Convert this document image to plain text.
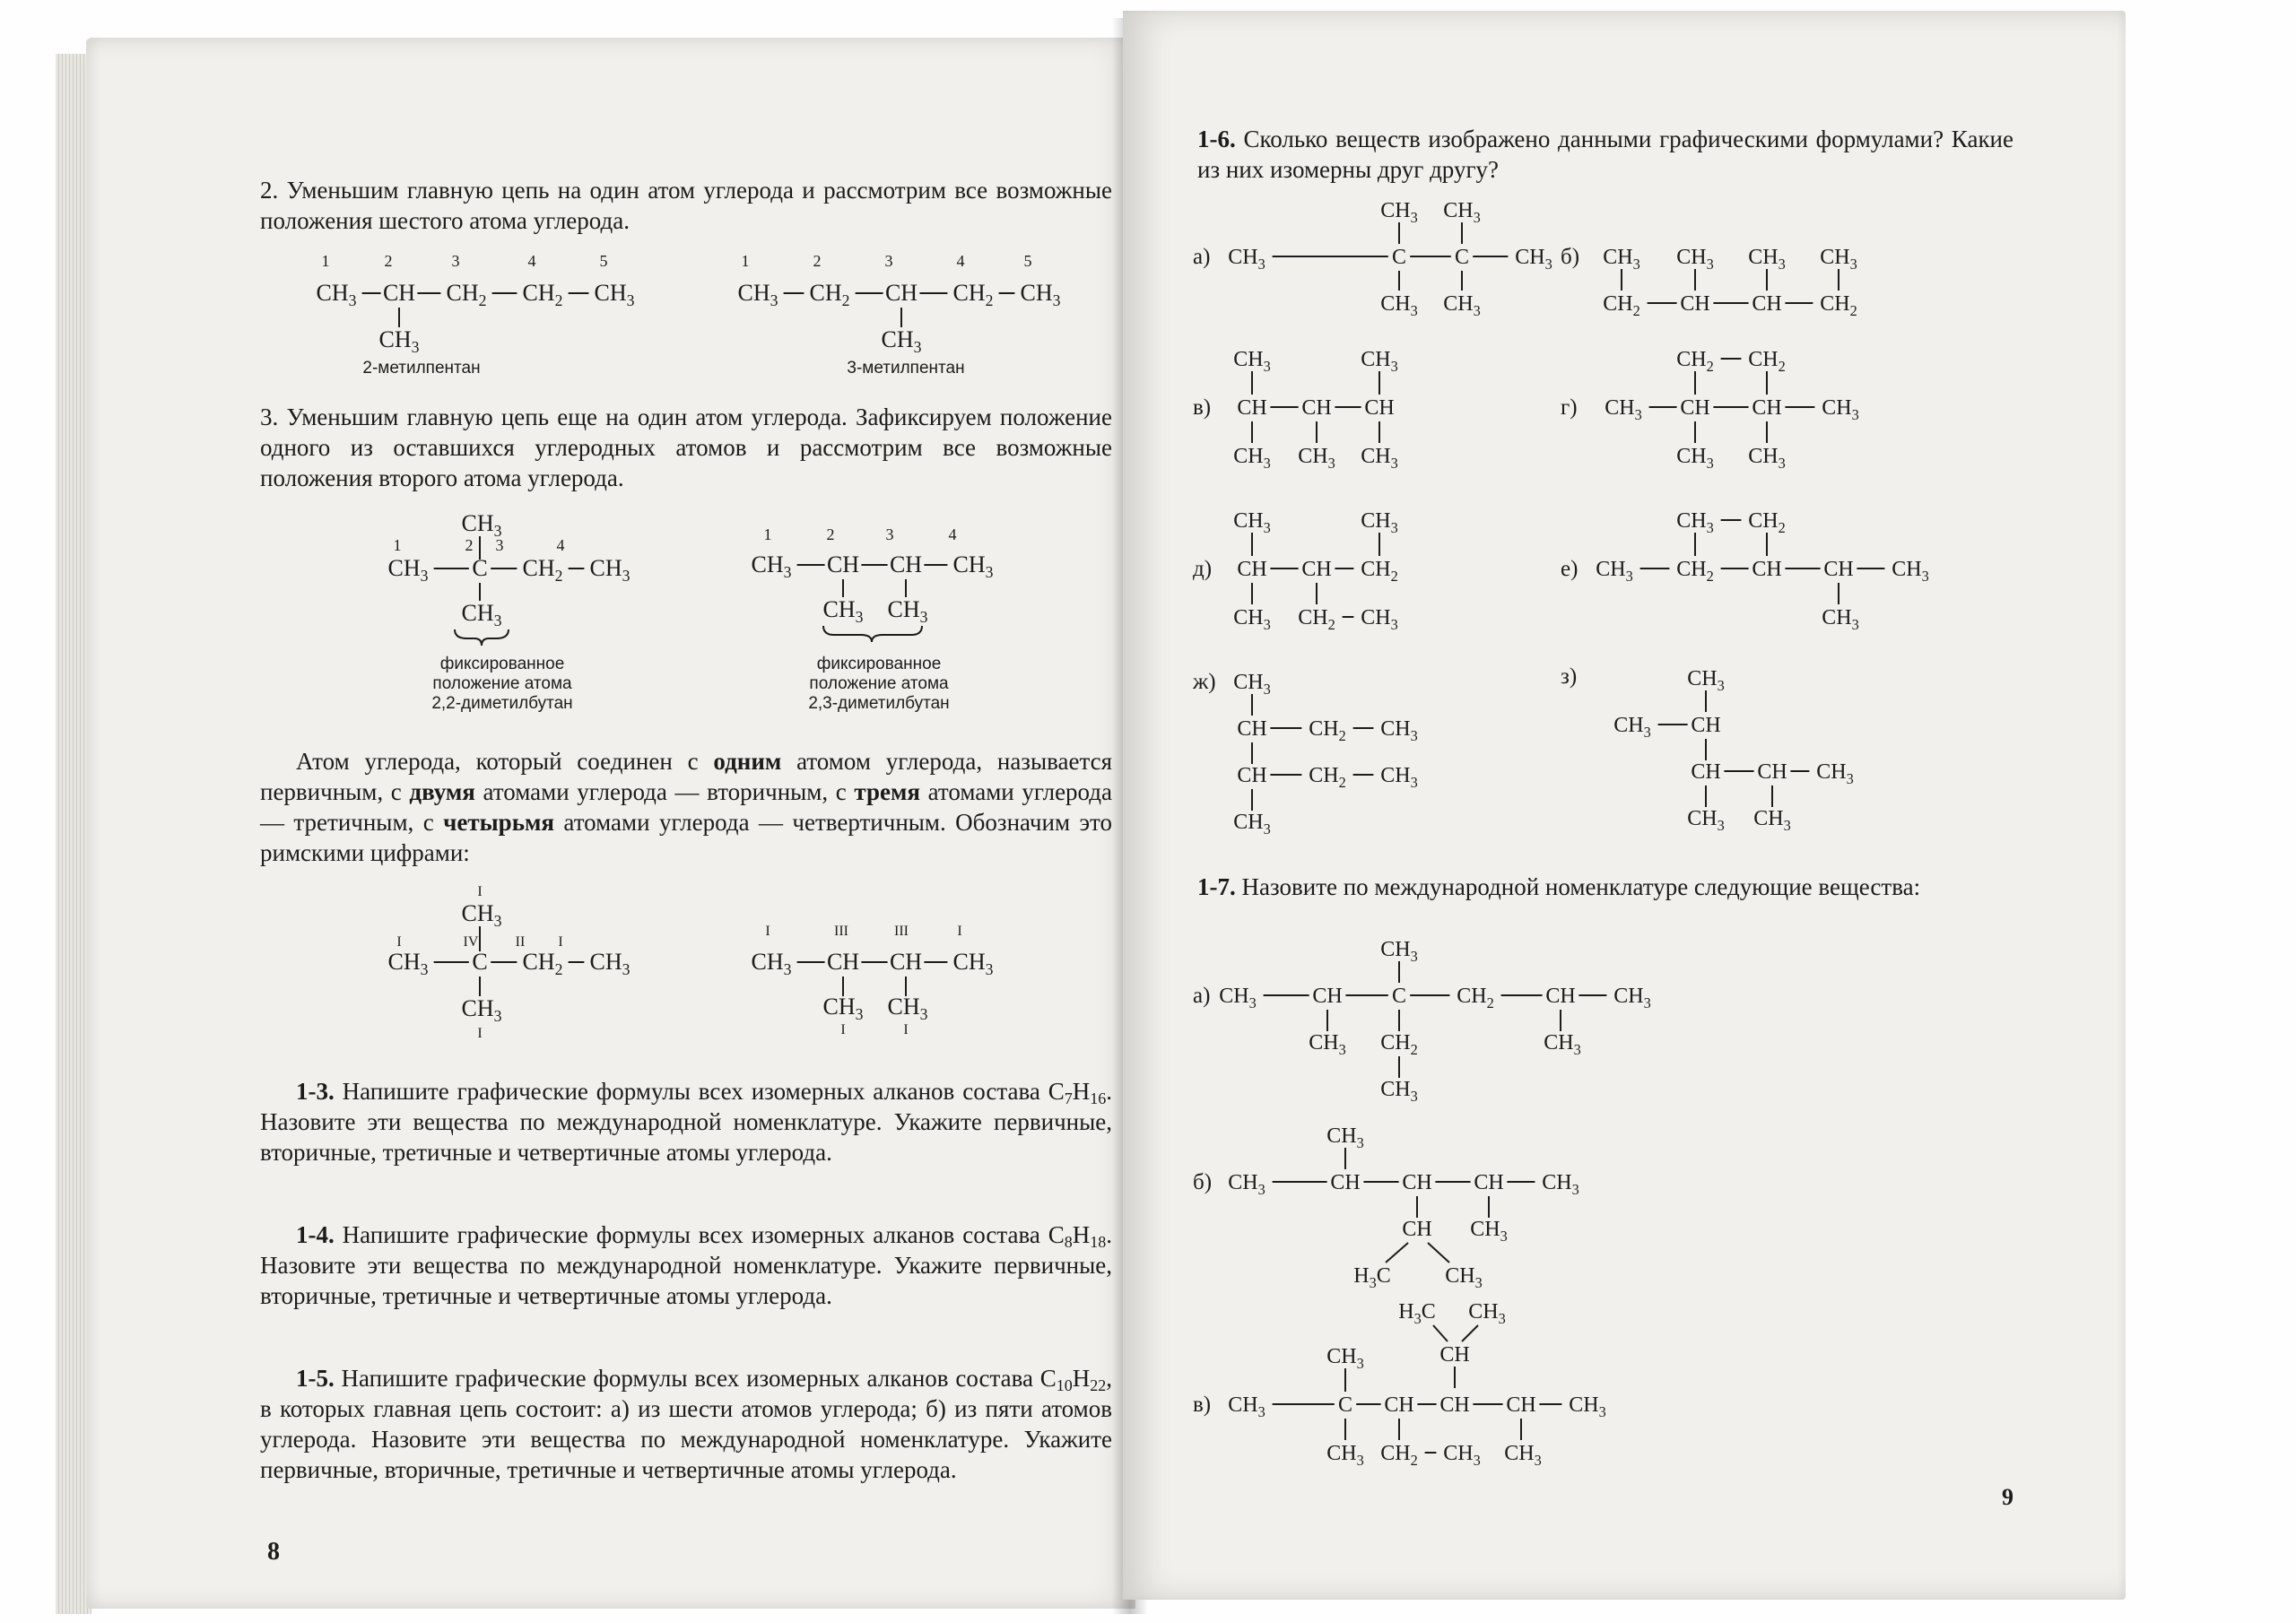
2. Уменьшим главную цепь на один атом углерода и рассмотрим все возможные положения шестого атома углерода.

1	2	3	4	5
$CH_3$ CH $CH_2$ $CH_2$ $CH_3$
$CH_3$
2-метилпентан
1	2	3	4	5
$CH_3$ $CH_2$ CH $CH_2$ $CH_3$
$CH_3$
3-метилпентан

3. Уменьшим главную цепь еще на один атом углерода. Зафиксируем положение одного из оставшихся углеродных атомов и рассмотрим все возможные положения второго атома углерода.

$CH_3$
1	2 3	4
$CH_3$ C $CH_2$ $CH_3$
$CH_3$
фиксированное положение атома
2,2-диметилбутан
1	2	3	4
$CH_3$ CH CH $CH_3$
$CH_3$ $CH_3$
фиксированное положение атома
2,3-диметилбутан

Атом углерода, который соединен с одним атомом углерода, называется первичным, с двумя атомами углерода — вторичным, с тремя атомами углерода — третичным, с четырьмя атомами углерода — четвертичным. Обозначим это римскими цифрами:

I
$CH_3$
I	IV	II I
$CH_3$ C $CH_2$ $CH_3$
$CH_3$
I
I	III	III	I
$CH_3$ CH CH $CH_3$
$CH_3$ $CH_3$
I	I

1-3. Напишите графические формулы всех изомерных алканов состава $C_7H_{16}$. Назовите эти вещества по международной номенклатуре. Укажите первичные, вторичные, третичные и четвертичные атомы углерода.

1-4. Напишите графические формулы всех изомерных алканов состава $C_8H_{18}$. Назовите эти вещества по международной номенклатуре. Укажите первичные, вторичные, третичные и четвертичные атомы углерода.

1-5. Напишите графические формулы всех изомерных алканов состава $C_{10}H_{22}$, в которых главная цепь состоит: а) из шести атомов углерода; б) из пяти атомов углерода. Назовите эти вещества по международной номенклатуре. Укажите первичные, вторичные, третичные и четвертичные атомы углерода.

8

1-6. Сколько веществ изображено данными графическими формулами? Какие из них изомерны друг другу?

а)
$CH_3$ $CH_3$
$CH_3$	C C $CH_3$
$CH_3$ $CH_3$
б) $CH_3$ $CH_3$ $CH_3$ $CH_3$
$CH_2$ CH CH $CH_2$
в)
$CH_3$	$CH_3$
CH CH CH
$CH_3$ $CH_3$ $CH_3$
г)
$CH_2$ $CH_2$
$CH_3$ CH CH $CH_3$
$CH_3$ $CH_3$
д)
$CH_3$	$CH_3$
CH CH $CH_2$
$CH_3$ $CH_2$ $CH_3$
е)
$CH_3$ $CH_2$
$CH_3$ $CH_2$ CH CH $CH_3$
$CH_3$
ж) $CH_3$
CH $CH_2$ $CH_3$
CH $CH_2$ $CH_3$
$CH_3$
з)	$CH_3$
$CH_3$ CH
CH CH $CH_3$
$CH_3$ $CH_3$

1-7. Назовите по международной номенклатуре следующие вещества:

а)
$CH_3$
$CH_3$	CH C $CH_2$ CH $CH_3$
$CH_3$ $CH_2$	$CH_3$
$CH_3$
б)
$CH_3$
$CH_3$	CH CH CH $CH_3$
CH $CH_3$
$H_3C$	$CH_3$
в)
$H_3C$ $CH_3$
CH
$CH_3$
$CH_3$	C CH CH CH $CH_3$
$CH_3$ $CH_2$ $CH_3$ $CH_3$
9
